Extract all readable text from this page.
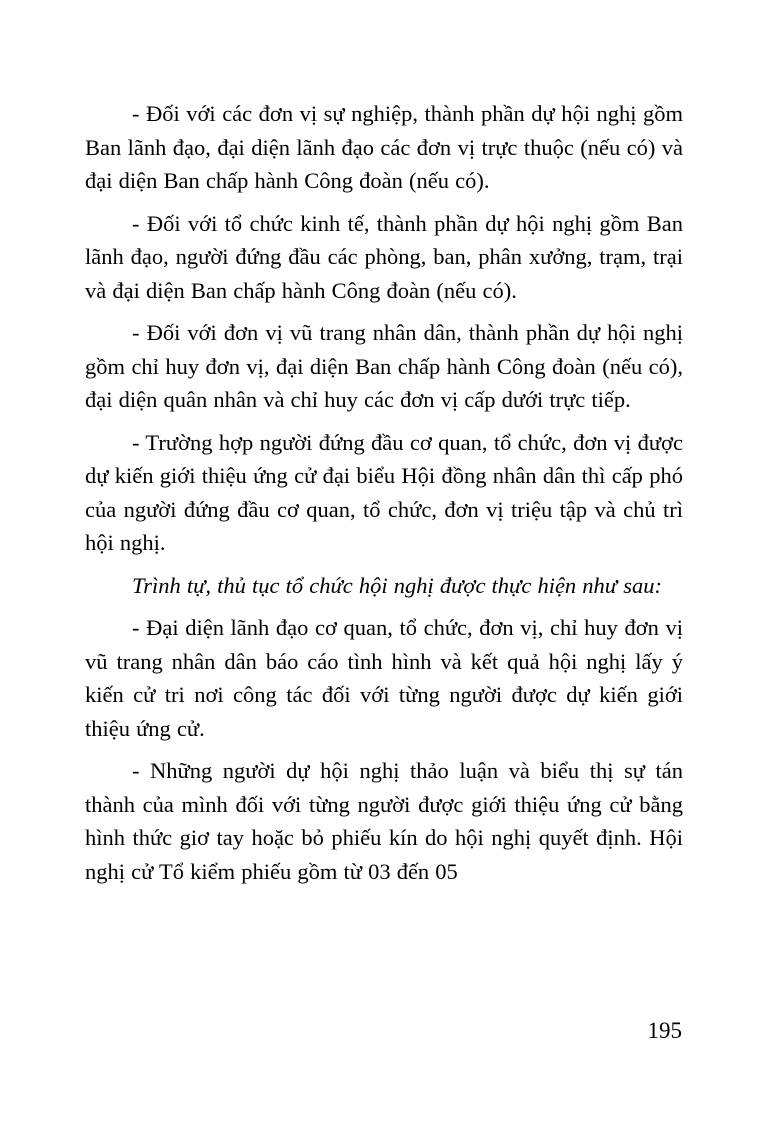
- Đối với các đơn vị sự nghiệp, thành phần dự hội nghị gồm Ban lãnh đạo, đại diện lãnh đạo các đơn vị trực thuộc (nếu có) và đại diện Ban chấp hành Công đoàn (nếu có).

- Đối với tổ chức kinh tế, thành phần dự hội nghị gồm Ban lãnh đạo, người đứng đầu các phòng, ban, phân xưởng, trạm, trại và đại diện Ban chấp hành Công đoàn (nếu có).

- Đối với đơn vị vũ trang nhân dân, thành phần dự hội nghị gồm chỉ huy đơn vị, đại diện Ban chấp hành Công đoàn (nếu có), đại diện quân nhân và chỉ huy các đơn vị cấp dưới trực tiếp.

- Trường hợp người đứng đầu cơ quan, tổ chức, đơn vị được dự kiến giới thiệu ứng cử đại biểu Hội đồng nhân dân thì cấp phó của người đứng đầu cơ quan, tổ chức, đơn vị triệu tập và chủ trì hội nghị.

Trình tự, thủ tục tổ chức hội nghị được thực hiện như sau:

- Đại diện lãnh đạo cơ quan, tổ chức, đơn vị, chỉ huy đơn vị vũ trang nhân dân báo cáo tình hình và kết quả hội nghị lấy ý kiến cử tri nơi công tác đối với từng người được dự kiến giới thiệu ứng cử.

- Những người dự hội nghị thảo luận và biểu thị sự tán thành của mình đối với từng người được giới thiệu ứng cử bằng hình thức giơ tay hoặc bỏ phiếu kín do hội nghị quyết định. Hội nghị cử Tổ kiểm phiếu gồm từ 03 đến 05

195
